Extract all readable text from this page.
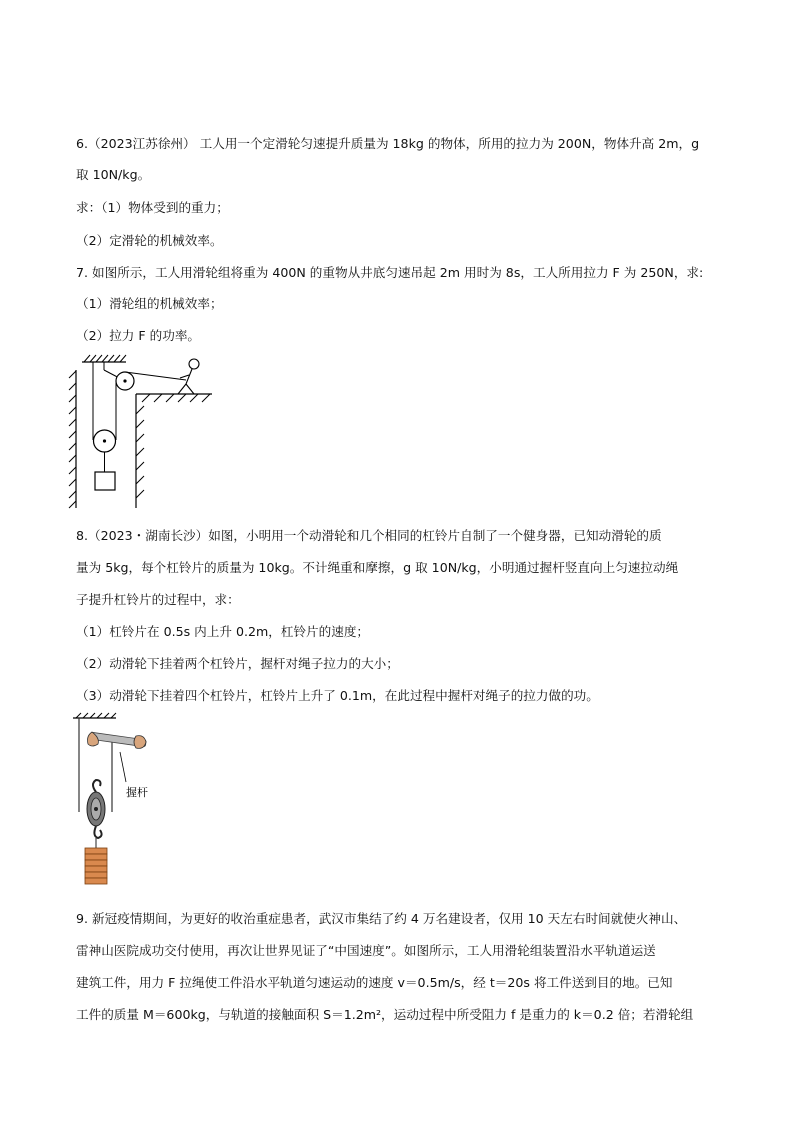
6.（2023江苏徐州） 工人用一个定滑轮匀速提升质量为 18kg 的物体，所用的拉力为 200N，物体升高 2m，g
取 10N/kg。
求：（1）物体受到的重力；
（2）定滑轮的机械效率。
7. 如图所示，工人用滑轮组将重为 400N 的重物从井底匀速吊起 2m 用时为 8s，工人所用拉力 F 为 250N，求:
（1）滑轮组的机械效率；
（2）拉力 F 的功率。
8.（2023・湖南长沙）如图，小明用一个动滑轮和几个相同的杠铃片自制了一个健身器，已知动滑轮的质
量为 5kg，每个杠铃片的质量为 10kg。不计绳重和摩擦，g 取 10N/kg，小明通过握杆竖直向上匀速拉动绳
子提升杠铃片的过程中，求：
（1）杠铃片在 0.5s 内上升 0.2m，杠铃片的速度；
（2）动滑轮下挂着两个杠铃片，握杆对绳子拉力的大小；
（3）动滑轮下挂着四个杠铃片，杠铃片上升了 0.1m，在此过程中握杆对绳子的拉力做的功。
握杆
9. 新冠疫情期间，为更好的收治重症患者，武汉市集结了约 4 万名建设者，仅用 10 天左右时间就使火神山、
雷神山医院成功交付使用，再次让世界见证了“中国速度”。如图所示，工人用滑轮组装置沿水平轨道运送
建筑工件，用力 F 拉绳使工件沿水平轨道匀速运动的速度 v＝0.5m/s，经 t＝20s 将工件送到目的地。已知
工件的质量 M＝600kg，与轨道的接触面积 S＝1.2m²，运动过程中所受阻力 f 是重力的 k＝0.2 倍；若滑轮组
